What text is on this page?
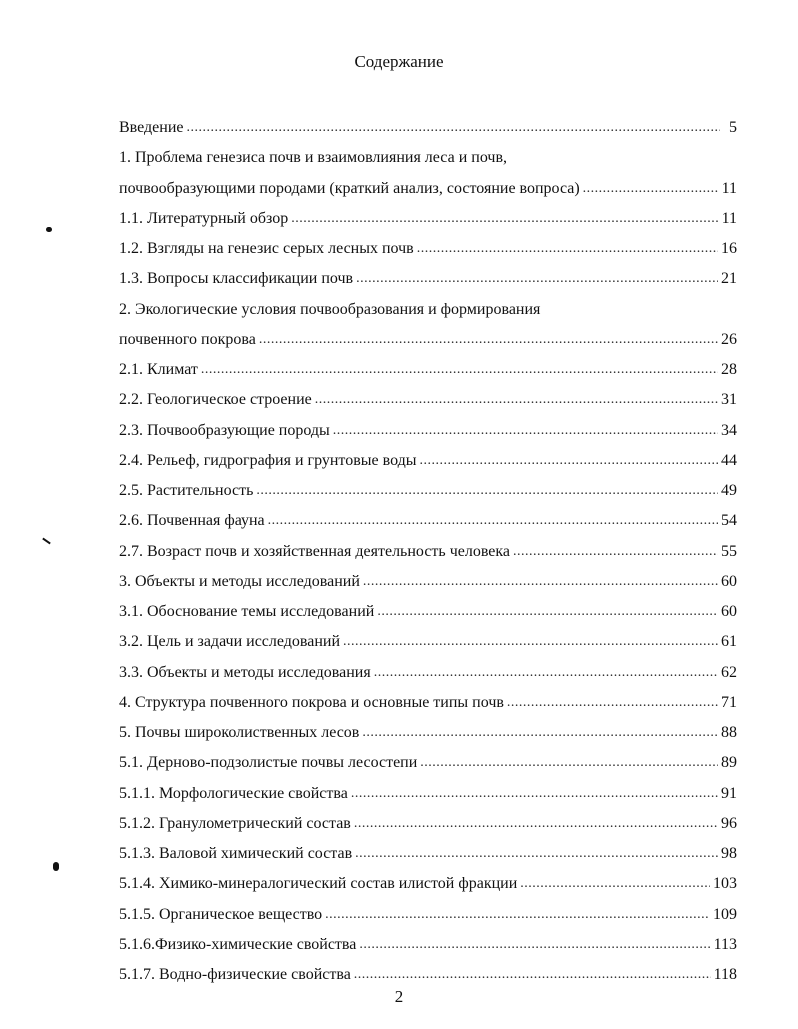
Содержание
Введение .....	5
1. Проблема генезиса почв и взаимовлияния леса и почв,
почвообразующими породами (краткий анализ, состояние вопроса) .....	11
1.1. Литературный обзор .....	11
1.2. Взгляды на генезис серых лесных почв .....	16
1.3. Вопросы классификации почв .....	21
2. Экологические условия почвообразования и формирования
почвенного покрова .....	26
2.1. Климат .....	28
2.2. Геологическое строение .....	31
2.3. Почвообразующие породы .....	34
2.4. Рельеф, гидрография и грунтовые воды .....	44
2.5. Растительность .....	49
2.6. Почвенная фауна .....	54
2.7. Возраст почв и хозяйственная деятельность человека .....	55
3. Объекты и методы исследований .....	60
3.1. Обоснование темы исследований .....	60
3.2. Цель и задачи исследований .....	61
3.3. Объекты и методы исследования .....	62
4. Структура почвенного покрова и основные типы почв .....	71
5. Почвы широколиственных лесов .....	88
5.1. Дерново-подзолистые почвы лесостепи .....	89
5.1.1. Морфологические свойства .....	91
5.1.2. Гранулометрический состав .....	96
5.1.3. Валовой химический состав .....	98
5.1.4. Химико-минералогический состав илистой фракции .....	103
5.1.5. Органическое вещество .....	109
5.1.6.Физико-химические свойства .....	113
5.1.7. Водно-физические свойства .....	118
2
